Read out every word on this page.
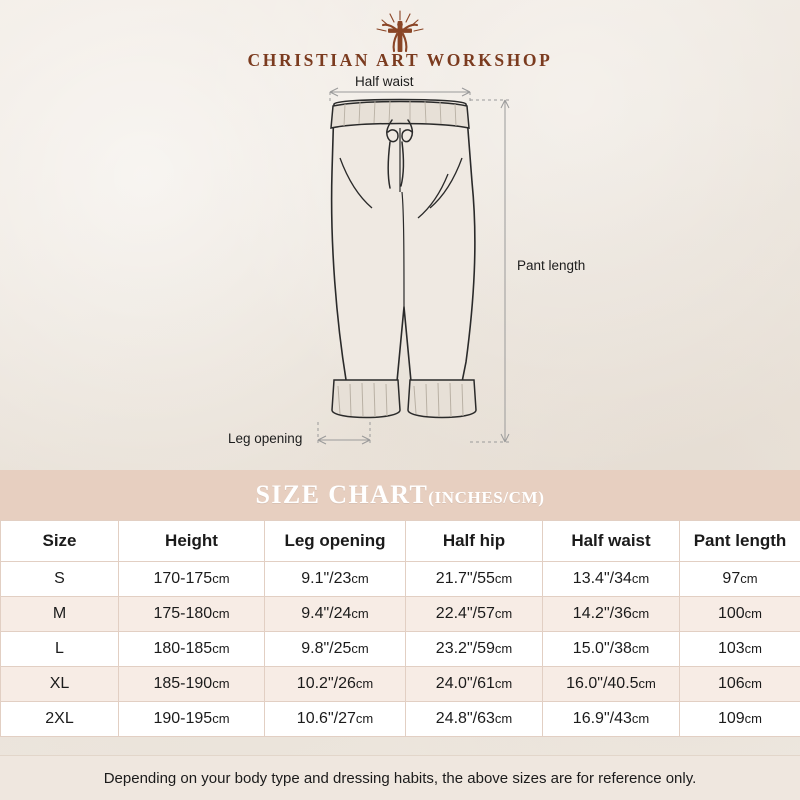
CHRISTIAN ART WORKSHOP
Half waist
Pant length
Leg opening
SIZE CHART(INCHES/CM)
Size	Height	Leg opening	Half hip	Half waist	Pant length
S	170-175cm	9.1"/23cm	21.7"/55cm	13.4"/34cm	97cm
M	175-180cm	9.4"/24cm	22.4"/57cm	14.2"/36cm	100cm
L	180-185cm	9.8"/25cm	23.2"/59cm	15.0"/38cm	103cm
XL	185-190cm	10.2"/26cm	24.0"/61cm	16.0"/40.5cm	106cm
2XL	190-195cm	10.6"/27cm	24.8"/63cm	16.9"/43cm	109cm
Depending on your body type and dressing habits, the above sizes are for reference only.
